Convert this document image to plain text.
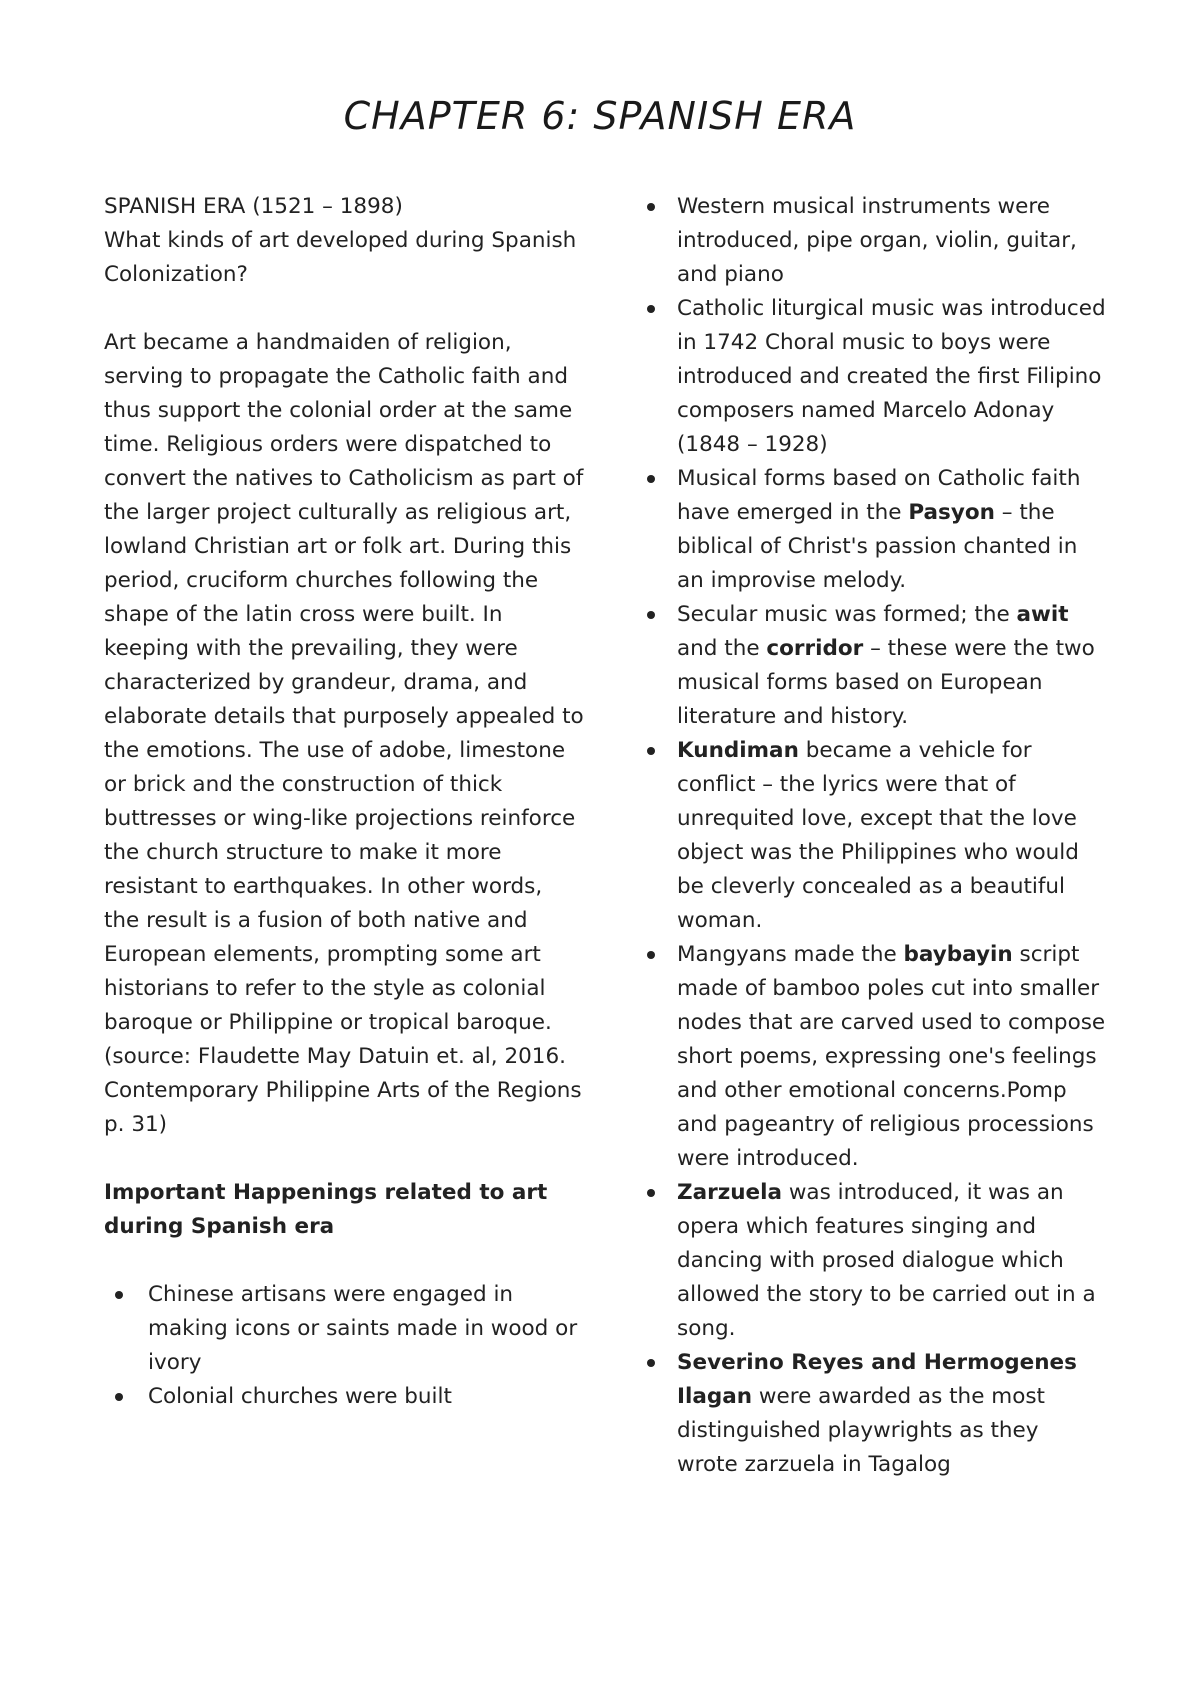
CHAPTER 6: SPANISH ERA

SPANISH ERA (1521 – 1898)

What kinds of art developed during Spanish Colonization?

Art became a handmaiden of religion, serving to propagate the Catholic faith and thus support the colonial order at the same time. Religious orders were dispatched to convert the natives to Catholicism as part of the larger project culturally as religious art, lowland Christian art or folk art. During this period, cruciform churches following the shape of the latin cross were built. In keeping with the prevailing, they were characterized by grandeur, drama, and elaborate details that purposely appealed to the emotions. The use of adobe, limestone or brick and the construction of thick buttresses or wing-like projections reinforce the church structure to make it more resistant to earthquakes. In other words, the result is a fusion of both native and European elements, prompting some art historians to refer to the style as colonial baroque or Philippine or tropical baroque. (source: Flaudette May Datuin et. al, 2016. Contemporary Philippine Arts of the Regions p. 31)

Important Happenings related to art during Spanish era

Chinese artisans were engaged in making icons or saints made in wood or ivory
Colonial churches were built
Western musical instruments were introduced, pipe organ, violin, guitar, and piano
Catholic liturgical music was introduced in 1742 Choral music to boys were introduced and created the first Filipino composers named Marcelo Adonay (1848 – 1928)
Musical forms based on Catholic faith have emerged in the Pasyon – the biblical of Christ's passion chanted in an improvise melody.
Secular music was formed; the awit and the corridor – these were the two musical forms based on European literature and history.
Kundiman became a vehicle for conflict – the lyrics were that of unrequited love, except that the love object was the Philippines who would be cleverly concealed as a beautiful woman.
Mangyans made the baybayin script made of bamboo poles cut into smaller nodes that are carved used to compose short poems, expressing one's feelings and other emotional concerns.Pomp and pageantry of religious processions were introduced.
Zarzuela was introduced, it was an opera which features singing and dancing with prosed dialogue which allowed the story to be carried out in a song.
Severino Reyes and Hermogenes Ilagan were awarded as the most distinguished playwrights as they wrote zarzuela in Tagalog
